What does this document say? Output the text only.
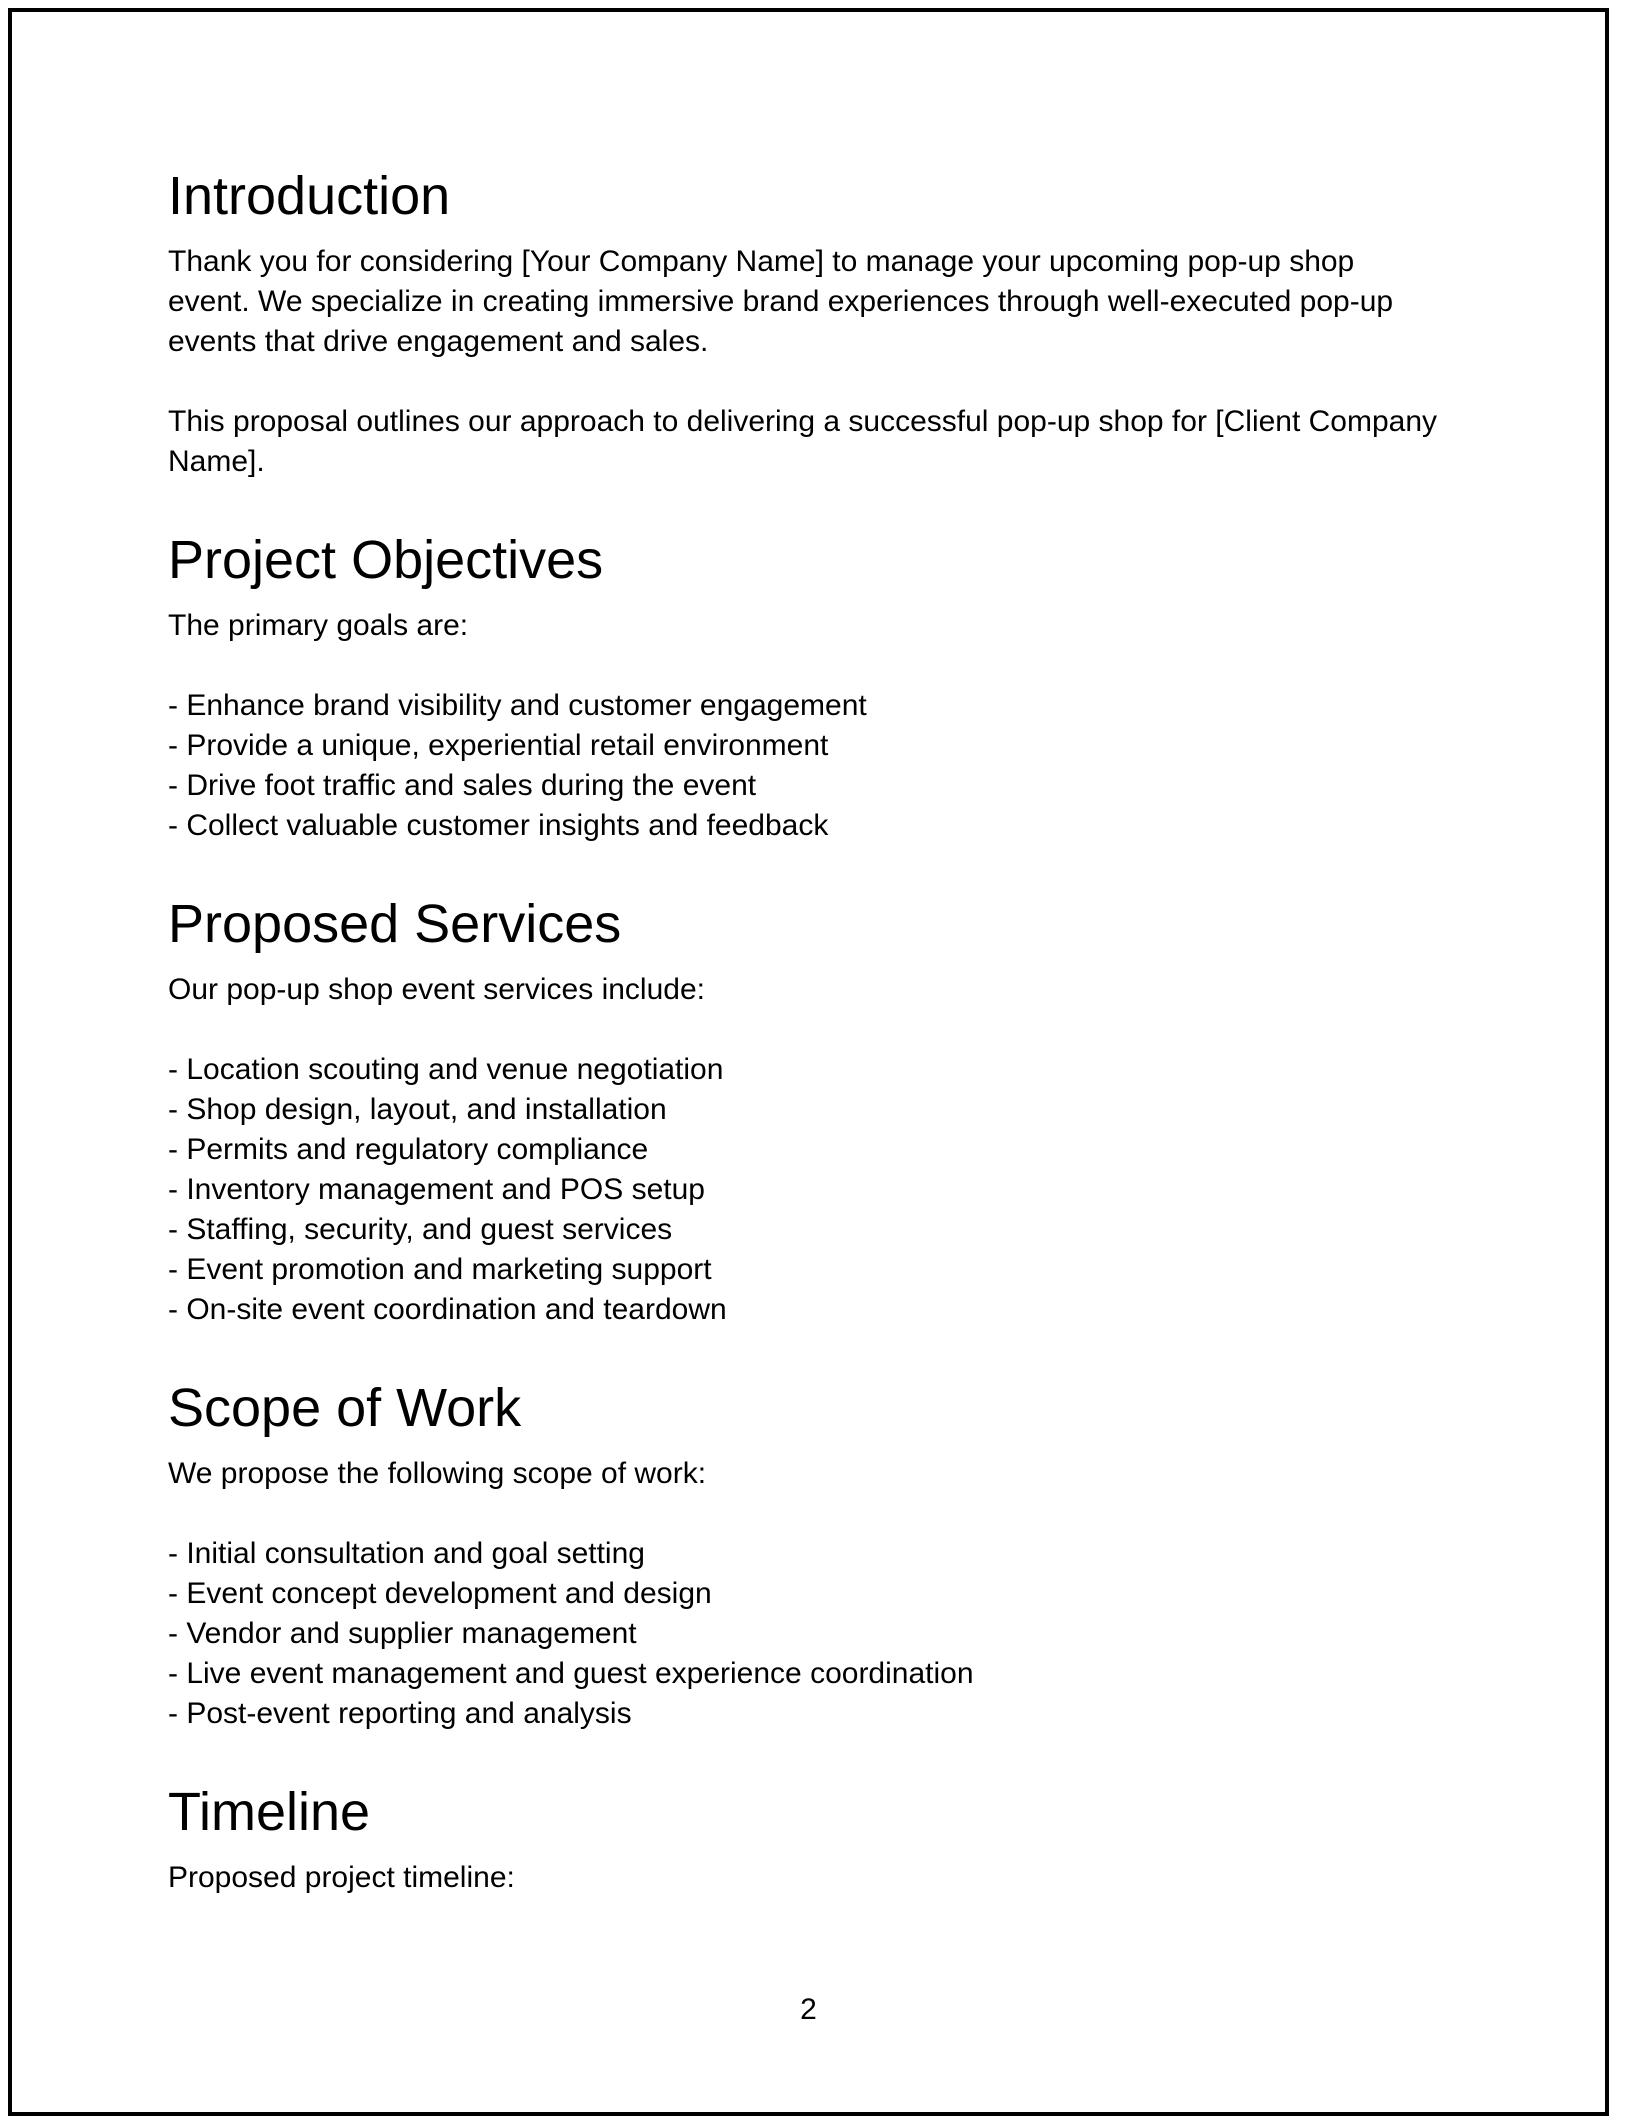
Introduction

Thank you for considering [Your Company Name] to manage your upcoming pop-up shop
event. We specialize in creating immersive brand experiences through well-executed pop-up
events that drive engagement and sales.

This proposal outlines our approach to delivering a successful pop-up shop for [Client Company
Name].

Project Objectives

The primary goals are:

- Enhance brand visibility and customer engagement

- Provide a unique, experiential retail environment

- Drive foot traffic and sales during the event

- Collect valuable customer insights and feedback

Proposed Services

Our pop-up shop event services include:

- Location scouting and venue negotiation

- Shop design, layout, and installation

- Permits and regulatory compliance

- Inventory management and POS setup

- Staffing, security, and guest services

- Event promotion and marketing support

- On-site event coordination and teardown

Scope of Work

We propose the following scope of work:

- Initial consultation and goal setting

- Event concept development and design

- Vendor and supplier management

- Live event management and guest experience coordination

- Post-event reporting and analysis

Timeline

Proposed project timeline:

2
